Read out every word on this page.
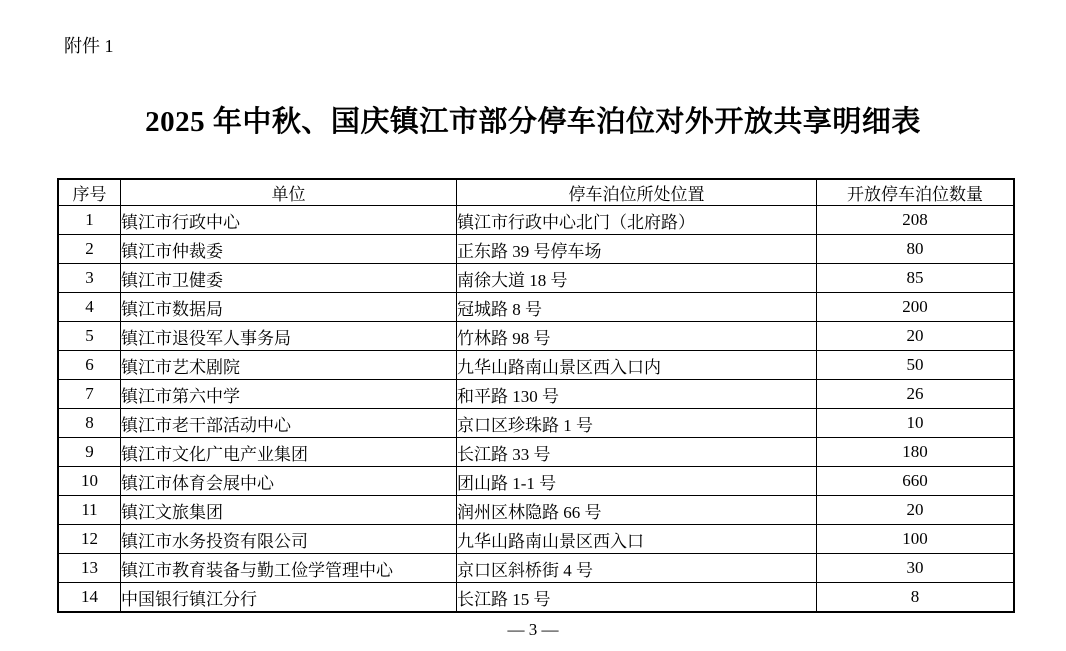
附件 1
2025 年中秋、国庆镇江市部分停车泊位对外开放共享明细表
序号	单位	停车泊位所处位置	开放停车泊位数量
1	镇江市行政中心	镇江市行政中心北门（北府路）	208
2	镇江市仲裁委	正东路 39 号停车场	80
3	镇江市卫健委	南徐大道 18 号	85
4	镇江市数据局	冠城路 8 号	200
5	镇江市退役军人事务局	竹林路 98 号	20
6	镇江市艺术剧院	九华山路南山景区西入口内	50
7	镇江市第六中学	和平路 130 号	26
8	镇江市老干部活动中心	京口区珍珠路 1 号	10
9	镇江市文化广电产业集团	长江路 33 号	180
10	镇江市体育会展中心	团山路 1-1 号	660
11	镇江文旅集团	润州区林隐路 66 号	20
12	镇江市水务投资有限公司	九华山路南山景区西入口	100
13	镇江市教育装备与勤工俭学管理中心	京口区斜桥街 4 号	30
14	中国银行镇江分行	长江路 15 号	8
— 3 —
